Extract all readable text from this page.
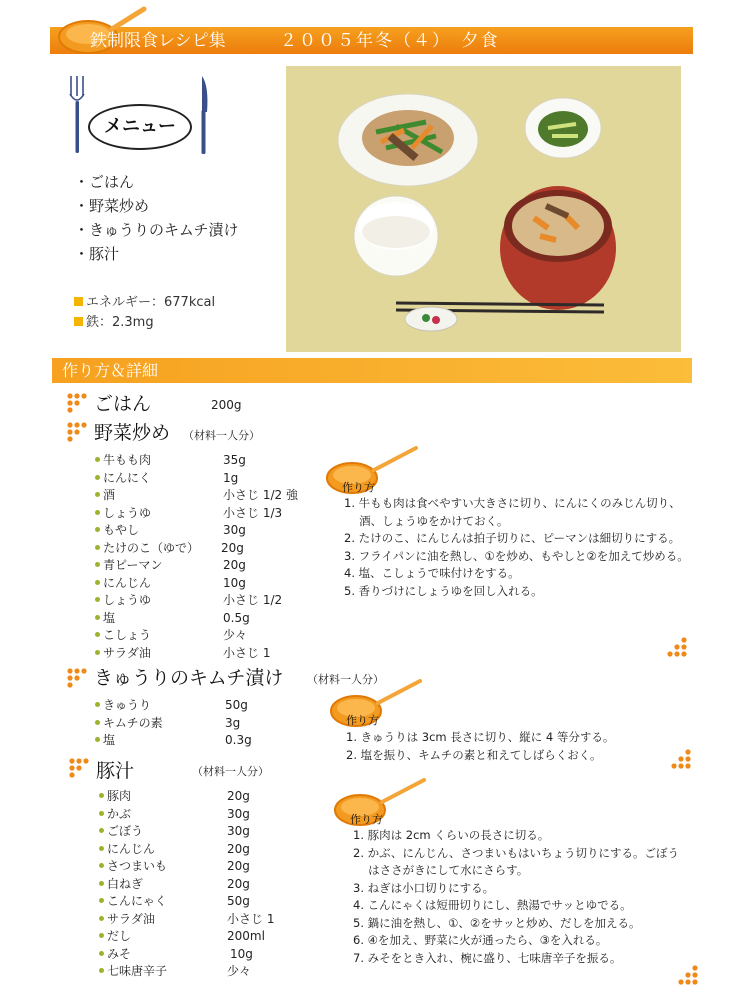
鉄制限食レシピ集	２００５年冬（４）　夕食
メニュー
・ごはん
・野菜炒め
・きゅうりのキムチ漬け
・豚汁
エネルギー：677kcal
鉄：2.3mg
作り方＆詳細
ごはん	200g
野菜炒め （材料一人分）
牛もも肉	35g
にんにく	1g
酒	小さじ 1/2 強
しょうゆ	小さじ 1/3
もやし	30g
たけのこ（ゆで） 20g
青ピーマン	20g
にんじん	10g
しょうゆ	小さじ 1/2
塩	0.5g
こしょう	少々
サラダ油	小さじ 1
作り方
1. 牛もも肉は食べやすい大きさに切り、にんにくのみじん切り、
　 酒、しょうゆをかけておく。
2. たけのこ、にんじんは拍子切りに、ピーマンは細切りにする。
3. フライパンに油を熱し、①を炒め、もやしと②を加えて炒める。
4. 塩、こしょうで味付けをする。
5. 香りづけにしょうゆを回し入れる。
きゅうりのキムチ漬け （材料一人分）
きゅうり	50g
キムチの素	3g
塩	0.3g
作り方
1. きゅうりは 3cm 長さに切り、縦に 4 等分する。
2. 塩を振り、キムチの素と和えてしばらくおく。
豚汁	（材料一人分）
豚肉	20g
かぶ	30g
ごぼう	30g
にんじん	20g
さつまいも	20g
白ねぎ	20g
こんにゃく	50g
サラダ油	小さじ 1
だし	200ml
みそ	10g
七味唐辛子	少々
作り方
1. 豚肉は 2cm くらいの長さに切る。
2. かぶ、にんじん、さつまいもはいちょう切りにする。ごぼう
　 はささがきにして水にさらす。
3. ねぎは小口切りにする。
4. こんにゃくは短冊切りにし、熱湯でサッとゆでる。
5. 鍋に油を熱し、①、②をサッと炒め、だしを加える。
6. ④を加え、野菜に火が通ったら、③を入れる。
7. みそをとき入れ、椀に盛り、七味唐辛子を振る。
